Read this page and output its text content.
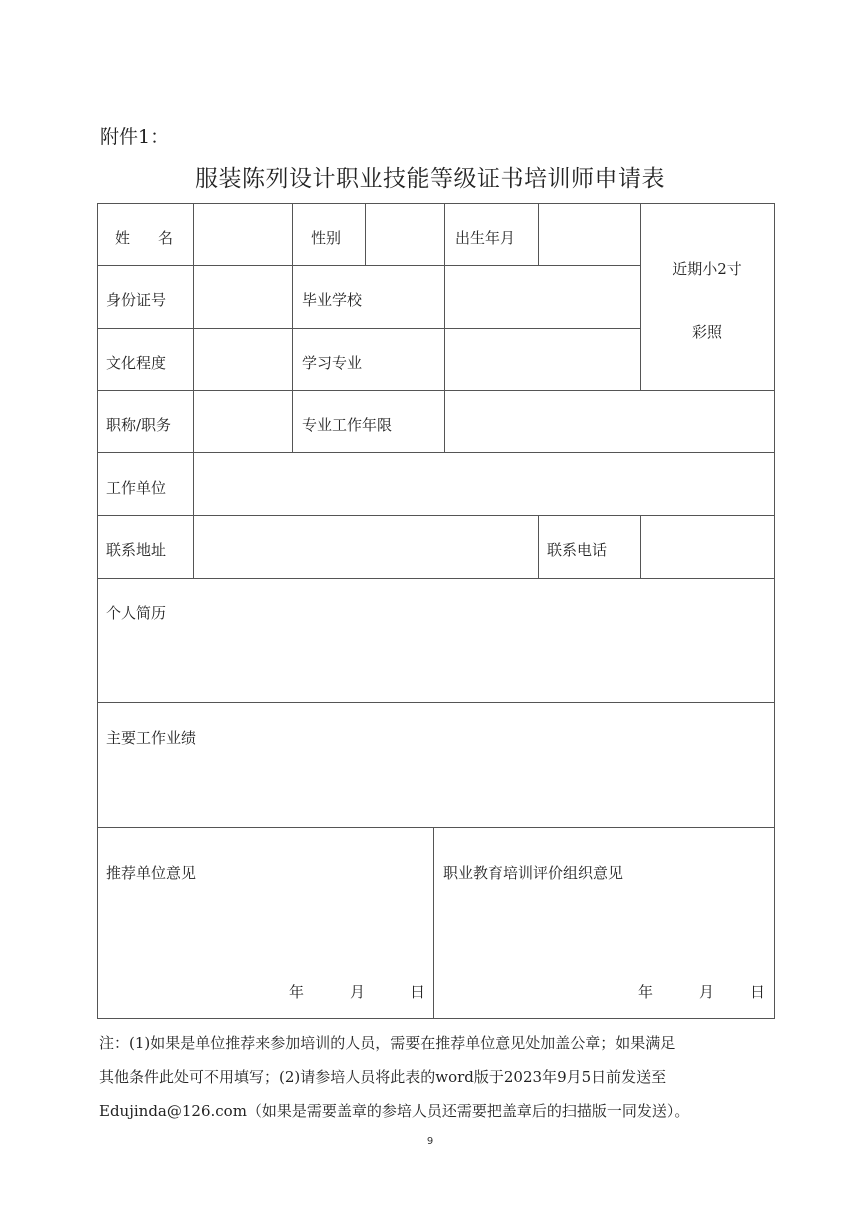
附件1：
服装陈列设计职业技能等级证书培训师申请表
姓名	性别	出生年月
近期小2寸
彩照
身份证号	毕业学校
文化程度	学习专业
职称/职务	专业工作年限
工作单位
联系地址	联系电话
个人简历
主要工作业绩
推荐单位意见	职业教育培训评价组织意见
年	月	日	年	月 日
注：(1)如果是单位推荐来参加培训的人员，需要在推荐单位意见处加盖公章；如果满足
其他条件此处可不用填写；(2)请参培人员将此表的word版于2023年9月5日前发送至
Edujinda@126.com（如果是需要盖章的参培人员还需要把盖章后的扫描版一同发送）。
9
